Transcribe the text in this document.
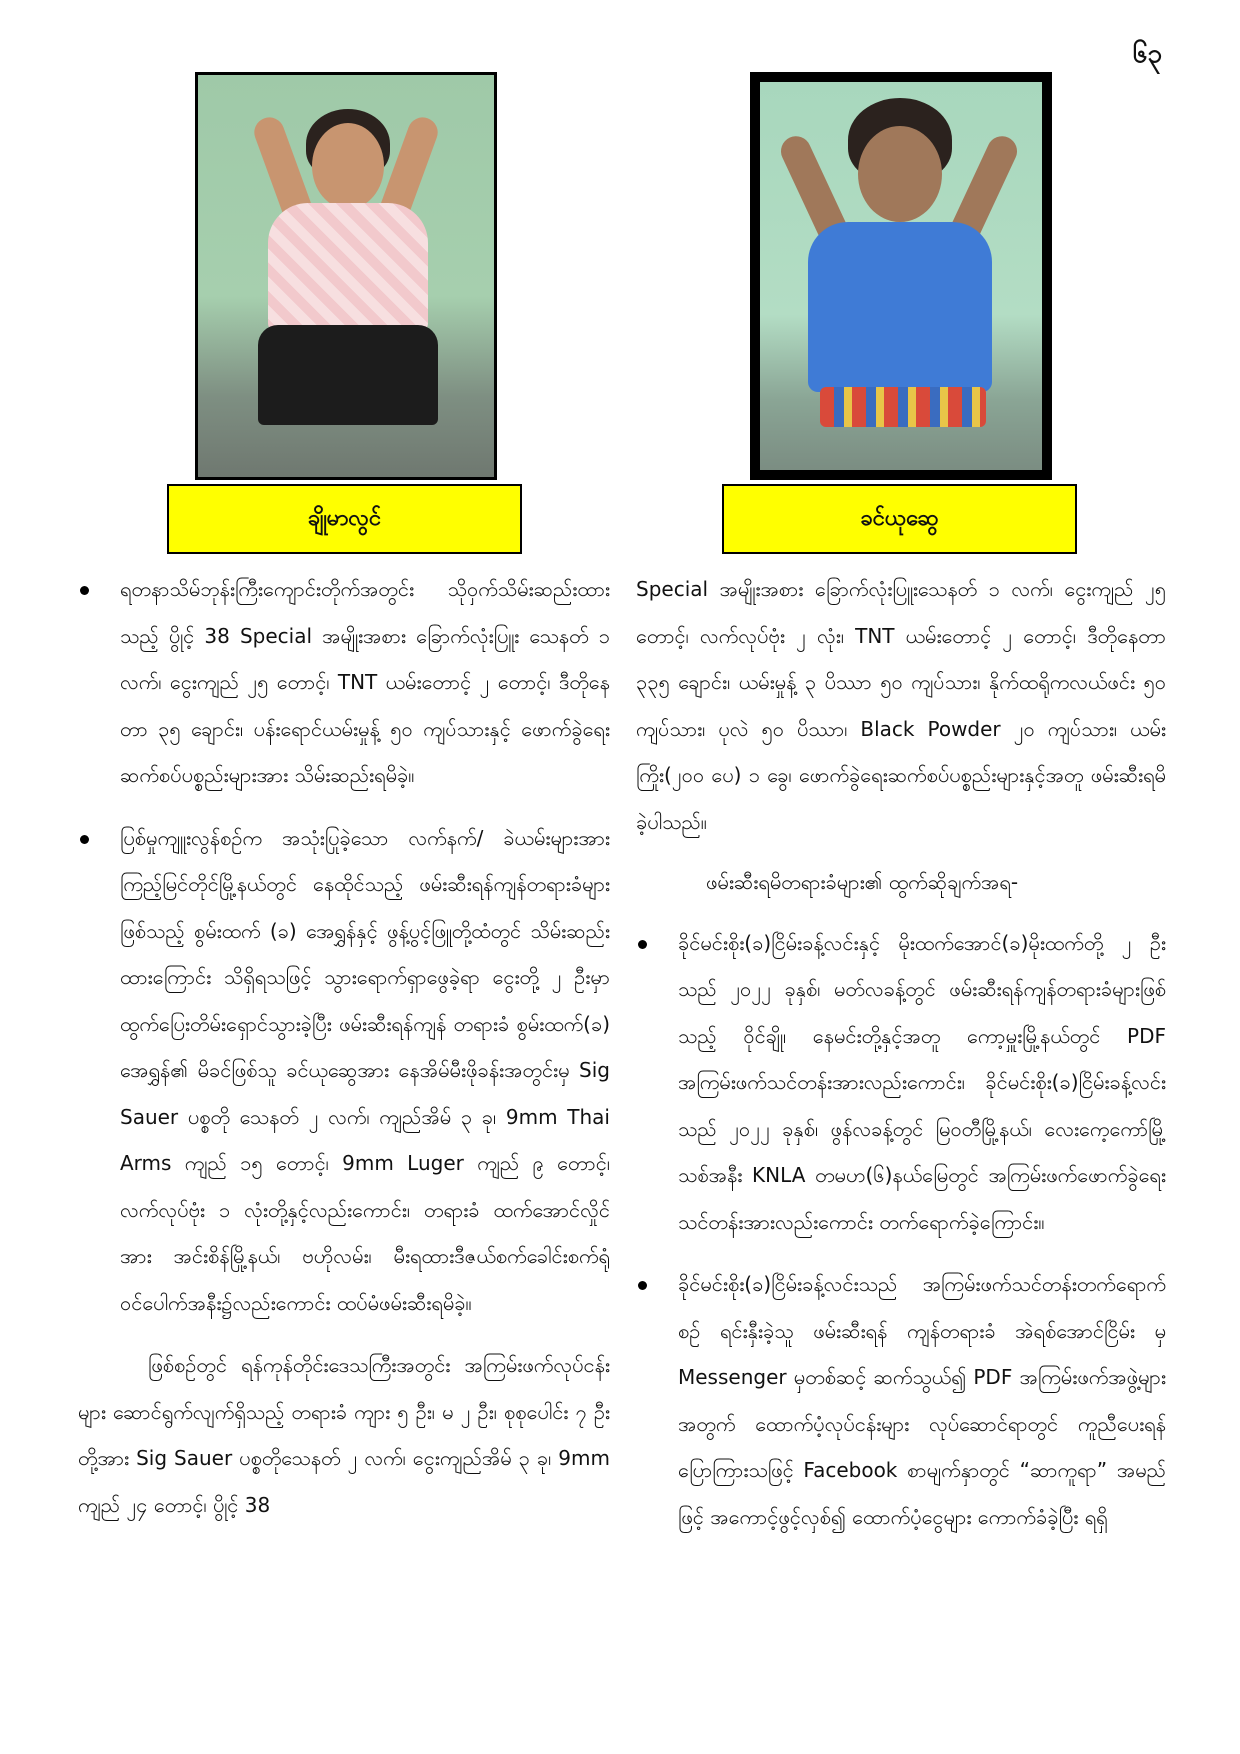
၆၃
ချိုမာလွင်	ခင်ယုဆွေ
ရတနာသိမ်ဘုန်းကြီးကျောင်းတိုက်အတွင်း သိုဝှက်သိမ်းဆည်းထားသည့် ပွိုင့် 38 Special အမျိုးအစား ခြောက်လုံးပြူး သေနတ် ၁ လက်၊ ငွေးကျည် ၂၅ တောင့်၊ TNT ယမ်းတောင့် ၂ တောင့်၊ ဒီတိုနေတာ ၃၅ ချောင်း၊ ပန်းရောင်ယမ်းမှုန့် ၅၀ ကျပ်သားနှင့် ဖောက်ခွဲရေးဆက်စပ်ပစ္စည်းများအား သိမ်းဆည်းရမိခဲ့။
ပြစ်မှုကျူးလွန်စဉ်က အသုံးပြုခဲ့သော လက်နက်/ ခဲယမ်းများအား ကြည့်မြင်တိုင်မြို့နယ်တွင် နေထိုင်သည့် ဖမ်းဆီးရန်ကျန်တရားခံများဖြစ်သည့် စွမ်းထက် (ခ) အေရွှန်နှင့် ဖွန့်ပွင့်ဖြူတို့ထံတွင် သိမ်းဆည်းထားကြောင်း သိရှိရသဖြင့် သွားရောက်ရှာဖွေခဲ့ရာ ငွေးတို့ ၂ ဦးမှာ ထွက်ပြေးတိမ်းရှောင်သွားခဲ့ပြီး ဖမ်းဆီးရန်ကျန် တရားခံ စွမ်းထက်(ခ) အေရွှန်၏ မိခင်ဖြစ်သူ ခင်ယုဆွေအား နေအိမ်မီးဖိုခန်းအတွင်းမှ Sig Sauer ပစ္စတို သေနတ် ၂ လက်၊ ကျည်အိမ် ၃ ခု၊ 9mm Thai Arms ကျည် ၁၅ တောင့်၊ 9mm Luger ကျည် ၉ တောင့်၊ လက်လုပ်ဗုံး ၁ လုံးတို့နှင့်လည်းကောင်း၊ တရားခံ ထက်အောင်လှိုင်အား အင်းစိန်မြို့နယ်၊ ဗဟိုလမ်း၊ မီးရထားဒီဇယ်စက်ခေါင်းစက်ရုံ ဝင်ပေါက်အနီး၌လည်းကောင်း ထပ်မံဖမ်းဆီးရမိခဲ့။

ဖြစ်စဉ်တွင် ရန်ကုန်တိုင်းဒေသကြီးအတွင်း အကြမ်းဖက်လုပ်ငန်းများ ဆောင်ရွက်လျက်ရှိသည့် တရားခံ ကျား ၅ ဦး၊ မ ၂ ဦး၊ စုစုပေါင်း ၇ ဦးတို့အား Sig Sauer ပစ္စတိုသေနတ် ၂ လက်၊ ငွေးကျည်အိမ် ၃ ခု၊ 9mm ကျည် ၂၄ တောင့်၊ ပွိုင့် 38

Special အမျိုးအစား ခြောက်လုံးပြူးသေနတ် ၁ လက်၊ ငွေးကျည် ၂၅ တောင့်၊ လက်လုပ်ဗုံး ၂ လုံး၊ TNT ယမ်းတောင့် ၂ တောင့်၊ ဒီတိုနေတာ ၃၃၅ ချောင်း၊ ယမ်းမှုန့် ၃ ပိဿာ ၅၀ ကျပ်သား၊ နိုက်ထရိုကလယ်ဖင်း ၅၀ ကျပ်သား၊ ပုလဲ ၅၀ ပိဿာ၊ Black Powder ၂၀ ကျပ်သား၊ ယမ်းကြိုး(၂၀၀ ပေ) ၁ ခွေ၊ ဖောက်ခွဲရေးဆက်စပ်ပစ္စည်းများနှင့်အတူ ဖမ်းဆီးရမိခဲ့ပါသည်။

ဖမ်းဆီးရမိတရားခံများ၏ ထွက်ဆိုချက်အရ-

ခိုင်မင်းစိုး(ခ)ငြိမ်းခန့်လင်းနှင့် မိုးထက်အောင်(ခ)မိုးထက်တို့ ၂ ဦးသည် ၂၀၂၂ ခုနှစ်၊ မတ်လခန့်တွင် ဖမ်းဆီးရန်ကျန်တရားခံများဖြစ်သည့် ဝိုင်ချို၊ နေမင်းတို့နှင့်အတူ ကော့မှူးမြို့နယ်တွင် PDF အကြမ်းဖက်သင်တန်းအားလည်းကောင်း၊ ခိုင်မင်းစိုး(ခ)ငြိမ်းခန့်လင်းသည် ၂၀၂၂ ခုနှစ်၊ ဖွန်လခန့်တွင် မြဝတီမြို့နယ်၊ လေးကေ့ကော်မြို့သစ်အနီး KNLA တမဟ(၆)နယ်မြေတွင် အကြမ်းဖက်ဖောက်ခွဲရေးသင်တန်းအားလည်းကောင်း တက်ရောက်ခဲ့ကြောင်း။
ခိုင်မင်းစိုး(ခ)ငြိမ်းခန့်လင်းသည် အကြမ်းဖက်သင်တန်းတက်ရောက်စဉ် ရင်းနှီးခဲ့သူ ဖမ်းဆီးရန် ကျန်တရားခံ အဲရစ်အောင်ငြိမ်း မှ Messenger မှတစ်ဆင့် ဆက်သွယ်၍ PDF အကြမ်းဖက်အဖွဲ့များအတွက် ထောက်ပံ့လုပ်ငန်းများ လုပ်ဆောင်ရာတွင် ကူညီပေးရန် ပြောကြားသဖြင့် Facebook စာမျက်နှာတွင် “ဆာကူရာ” အမည်ဖြင့် အကောင့်ဖွင့်လှစ်၍ ထောက်ပံ့ငွေများ ကောက်ခံခဲ့ပြီး ရရှိ
